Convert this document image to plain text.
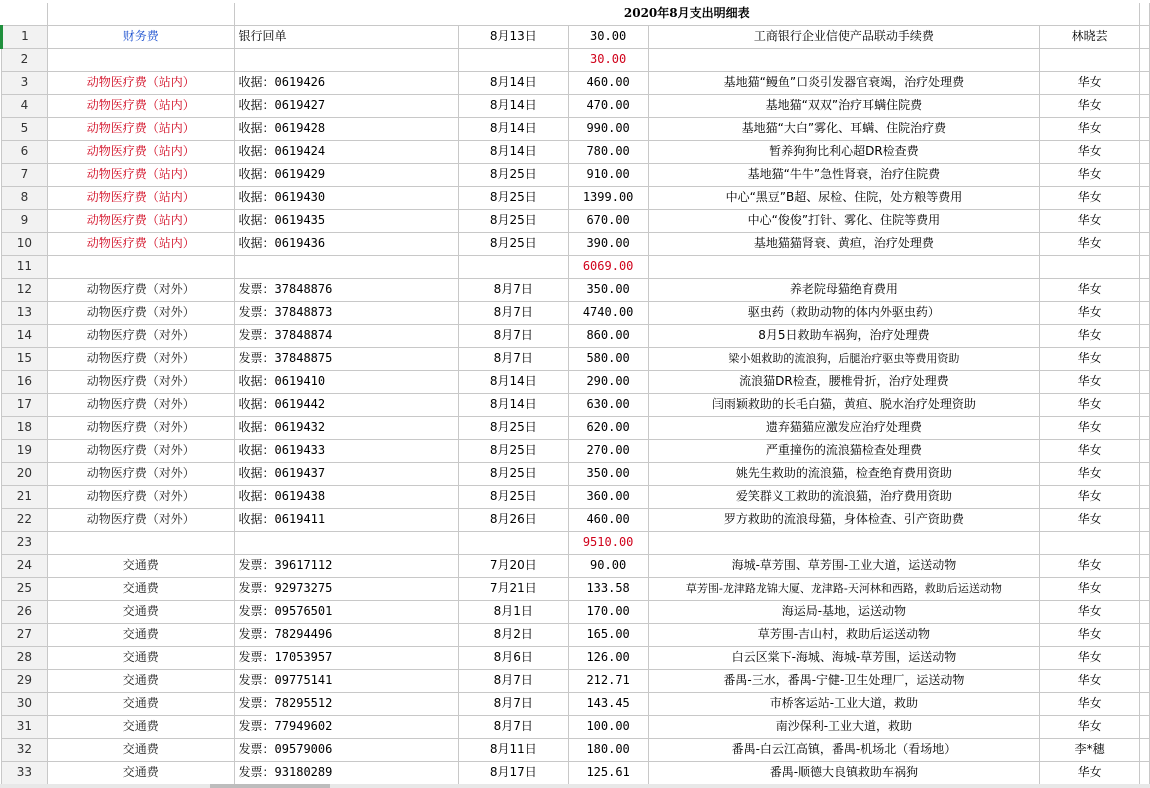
		2020年8月支出明细表					
1	财务费	银行回单	8月13日	30.00	工商银行企业信使产品联动手续费	林晓芸	
2				30.00			
3	动物医疗费（站内）	收据：0619426	8月14日	460.00	基地猫“鳗鱼”口炎引发器官衰竭，治疗处理费	华女	
4	动物医疗费（站内）	收据：0619427	8月14日	470.00	基地猫“双双”治疗耳螨住院费	华女	
5	动物医疗费（站内）	收据：0619428	8月14日	990.00	基地猫“大白”雾化、耳螨、住院治疗费	华女	
6	动物医疗费（站内）	收据：0619424	8月14日	780.00	暂养狗狗比利心超DR检查费	华女	
7	动物医疗费（站内）	收据：0619429	8月25日	910.00	基地猫“牛牛”急性肾衰，治疗住院费	华女	
8	动物医疗费（站内）	收据：0619430	8月25日	1399.00	中心“黑豆”B超、尿检、住院，处方粮等费用	华女	
9	动物医疗费（站内）	收据：0619435	8月25日	670.00	中心“俊俊”打针、雾化、住院等费用	华女	
10	动物医疗费（站内）	收据：0619436	8月25日	390.00	基地猫猫肾衰、黄疸，治疗处理费	华女	
11				6069.00			
12	动物医疗费（对外）	发票：37848876	8月7日	350.00	养老院母猫绝育费用	华女	
13	动物医疗费（对外）	发票：37848873	8月7日	4740.00	驱虫药（救助动物的体内外驱虫药）	华女	
14	动物医疗费（对外）	发票：37848874	8月7日	860.00	8月5日救助车祸狗，治疗处理费	华女	
15	动物医疗费（对外）	发票：37848875	8月7日	580.00	梁小姐救助的流浪狗，后腿治疗驱虫等费用资助	华女	
16	动物医疗费（对外）	收据：0619410	8月14日	290.00	流浪猫DR检查，腰椎骨折，治疗处理费	华女	
17	动物医疗费（对外）	收据：0619442	8月14日	630.00	闫雨颖救助的长毛白猫，黄疸、脱水治疗处理资助	华女	
18	动物医疗费（对外）	收据：0619432	8月25日	620.00	遗弃猫猫应激发应治疗处理费	华女	
19	动物医疗费（对外）	收据：0619433	8月25日	270.00	严重撞伤的流浪猫检查处理费	华女	
20	动物医疗费（对外）	收据：0619437	8月25日	350.00	姚先生救助的流浪猫，检查绝育费用资助	华女	
21	动物医疗费（对外）	收据：0619438	8月25日	360.00	爱笑群义工救助的流浪猫，治疗费用资助	华女	
22	动物医疗费（对外）	收据：0619411	8月26日	460.00	罗方救助的流浪母猫，身体检查、引产资助费	华女	
23				9510.00			
24	交通费	发票：39617112	7月20日	90.00	海城-草芳围、草芳围-工业大道，运送动物	华女	
25	交通费	发票：92973275	7月21日	133.58	草芳围-龙津路龙锦大厦、龙津路-天河林和西路，救助后运送动物	华女	
26	交通费	发票：09576501	8月1日	170.00	海运局-基地，运送动物	华女	
27	交通费	发票：78294496	8月2日	165.00	草芳围-吉山村，救助后运送动物	华女	
28	交通费	发票：17053957	8月6日	126.00	白云区棠下-海城、海城-草芳围，运送动物	华女	
29	交通费	发票：09775141	8月7日	212.71	番禺-三水，番禺-宁健-卫生处理厂，运送动物	华女	
30	交通费	发票：78295512	8月7日	143.45	市桥客运站-工业大道，救助	华女	
31	交通费	发票：77949602	8月7日	100.00	南沙保利-工业大道，救助	华女	
32	交通费	发票：09579006	8月11日	180.00	番禺-白云江高镇，番禺-机场北（看场地）	李*穗	
33	交通费	发票：93180289	8月17日	125.61	番禺-顺德大良镇救助车祸狗	华女	
